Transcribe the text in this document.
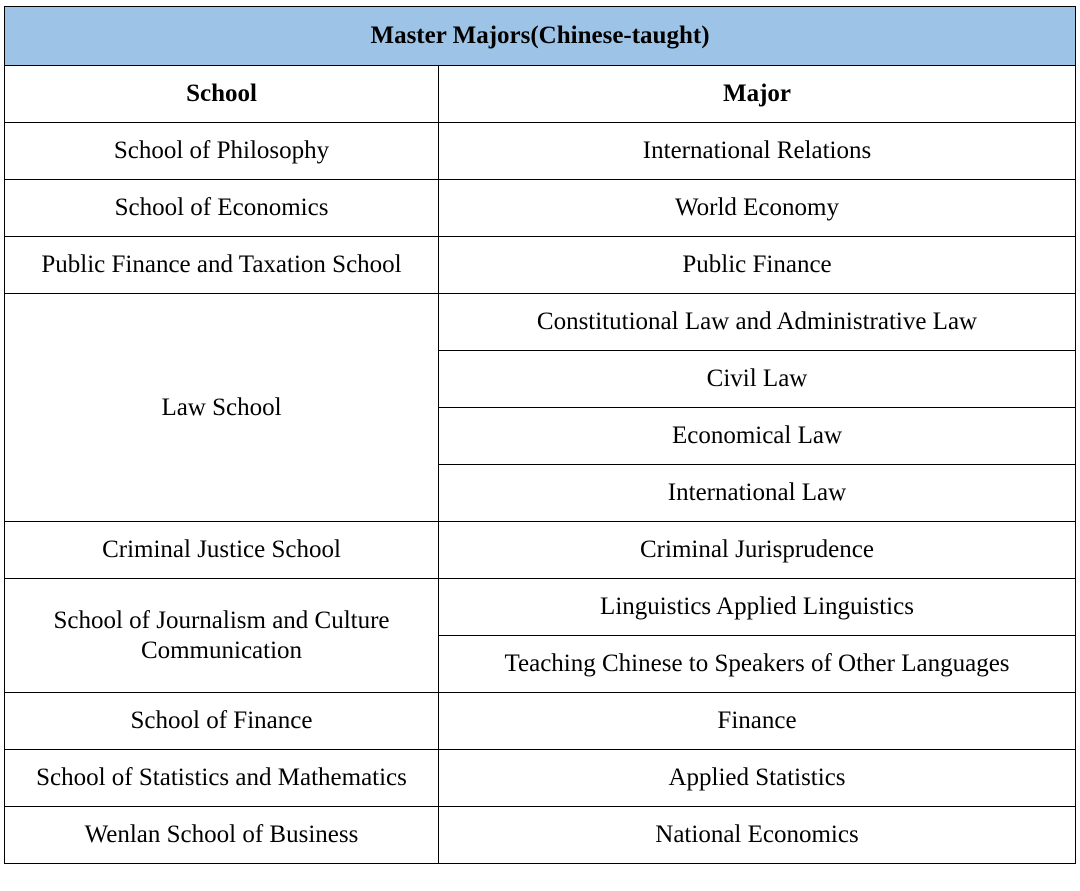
Master Majors(Chinese-taught)	
School	Major
School of Philosophy	International Relations
School of Economics	World Economy
Public Finance and Taxation School	Public Finance
Law School	Constitutional Law and Administrative Law
	Civil Law
	Economical Law
	International Law
Criminal Justice School	Criminal Jurisprudence
School of Journalism and Culture Communication	Linguistics Applied Linguistics
	Teaching Chinese to Speakers of Other Languages
School of Finance	Finance
School of Statistics and Mathematics	Applied Statistics
Wenlan School of Business	National Economics
